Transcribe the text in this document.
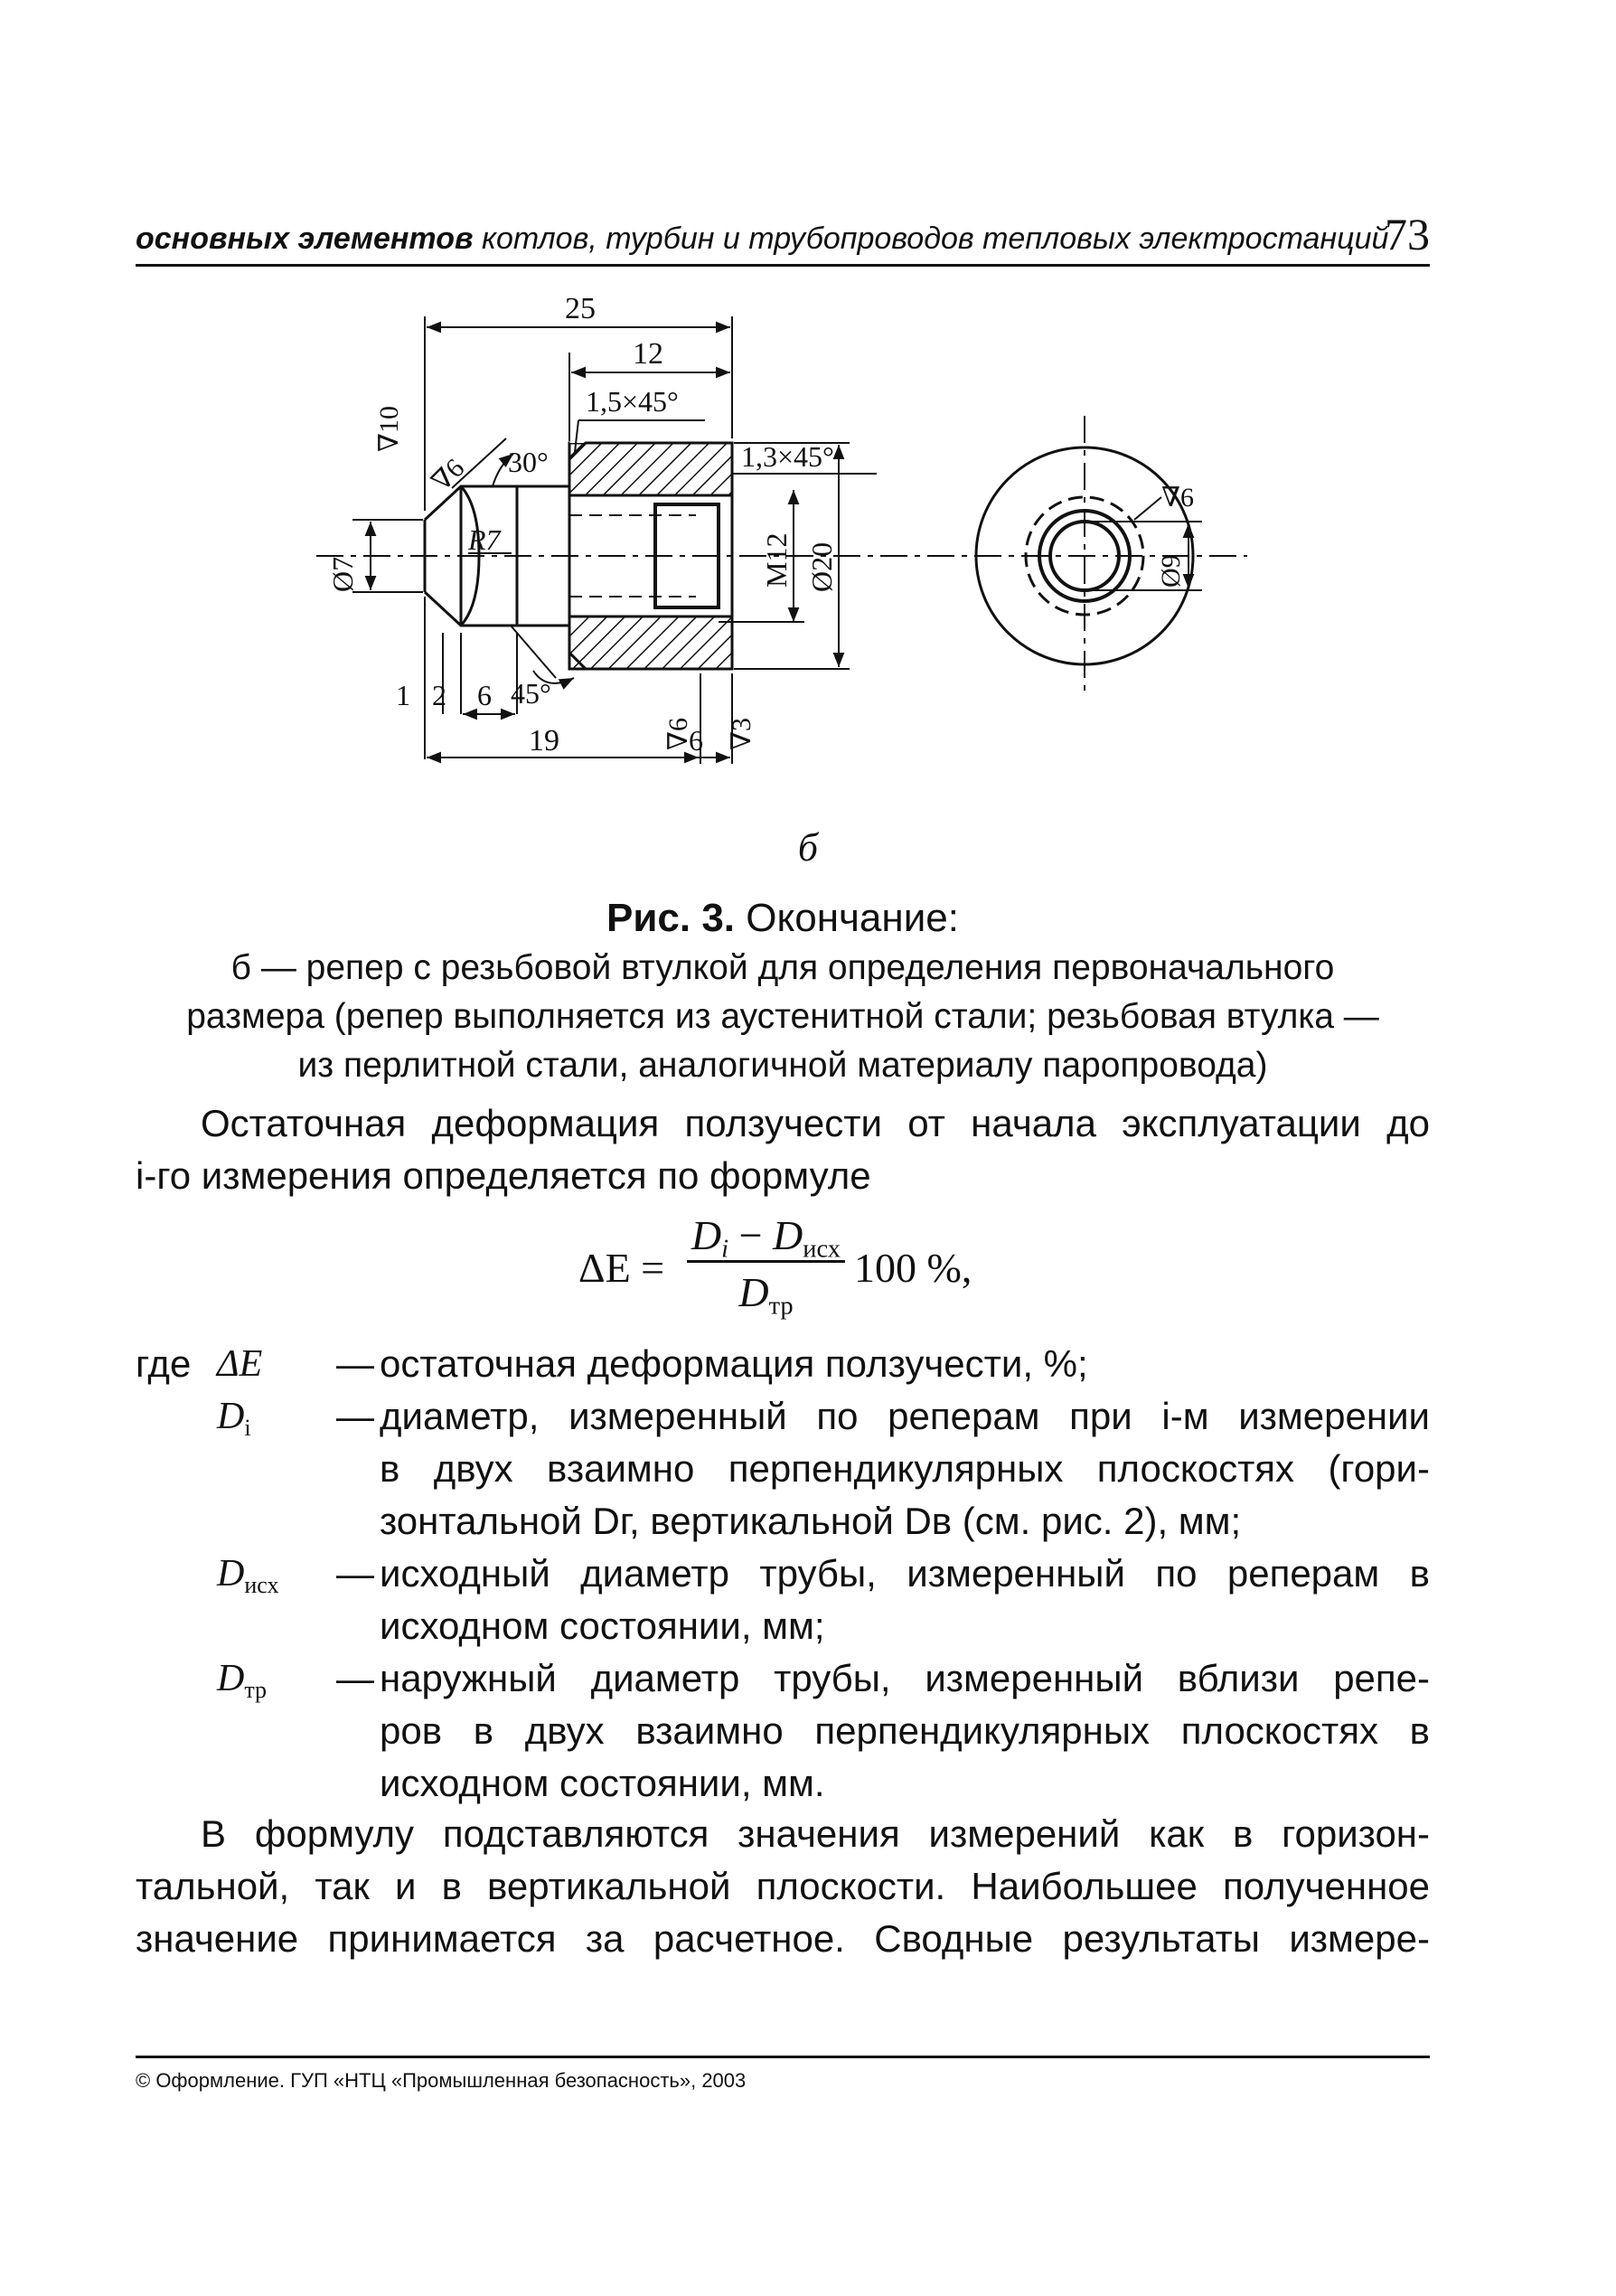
основных элементов котлов, турбин и трубопроводов тепловых электростанций
73
25
12
1,5×45°
1,3×45°
30°
45°
R7
Ø7	M12 Ø20
1 2 6
19	6
∇10
∇6
∇6 ∇3
Ø9
∇6
б
Рис. 3. Окончание:
б — репер с резьбовой втулкой для определения первоначального
размера (репер выполняется из аустенитной стали; резьбовая втулка —
из перлитной стали, аналогичной материалу паропровода)
Остаточная деформация ползучести от начала эксплуатации до
i-го измерения определяется по формуле
ΔE =
$D_i - D_{исх}$
$D_{тр}$
100 %,
где ΔE	— остаточная деформация ползучести, %;
$D_i$	— диаметр, измеренный по реперам при i-м измерении
в двух взаимно перпендикулярных плоскостях (гори-
зонтальной Dг, вертикальной Dв (см. рис. 2), мм;
$D_{исх}$	— исходный диаметр трубы, измеренный по реперам в
исходном состоянии, мм;
$D_{тр}$	— наружный диаметр трубы, измеренный вблизи репе-
ров в двух взаимно перпендикулярных плоскостях в
исходном состоянии, мм.
В формулу подставляются значения измерений как в горизон-
тальной, так и в вертикальной плоскости. Наибольшее полученное
значение принимается за расчетное. Сводные результаты измере-
© Оформление. ГУП «НТЦ «Промышленная безопасность», 2003
